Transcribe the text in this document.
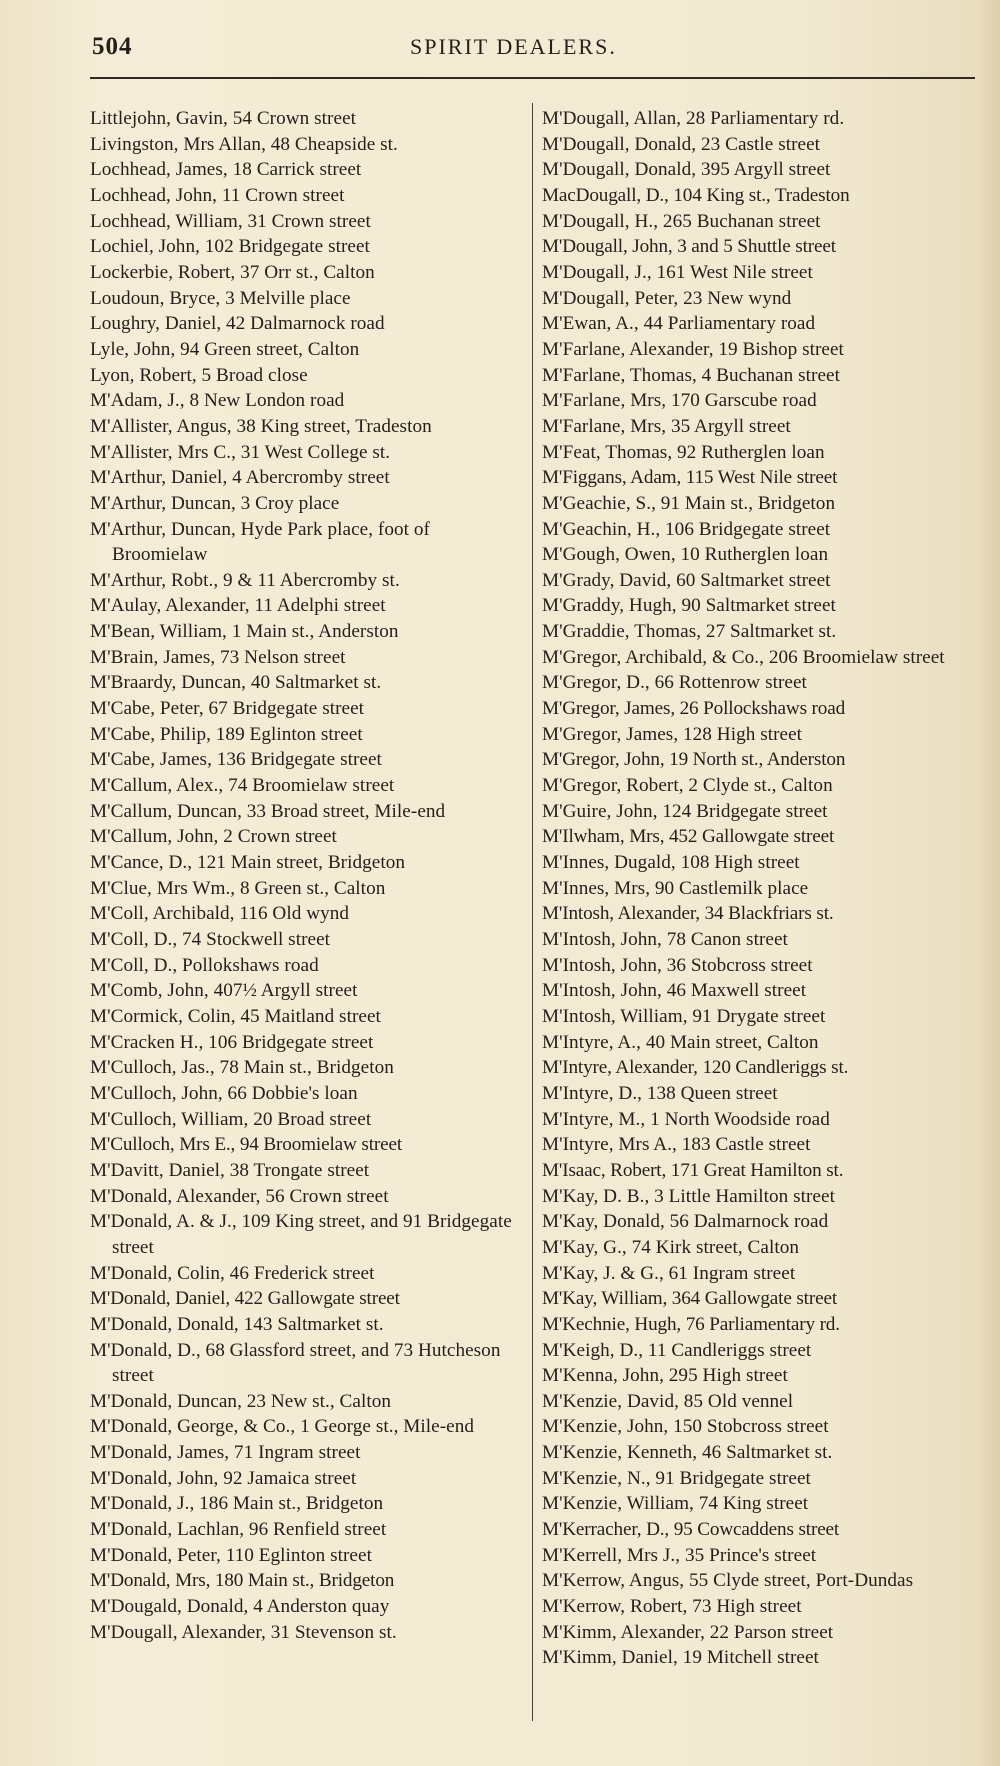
504	SPIRIT DEALERS.

Littlejohn, Gavin, 54 Crown street

Livingston, Mrs Allan, 48 Cheapside st.

Lochhead, James, 18 Carrick street

Lochhead, John, 11 Crown street

Lochhead, William, 31 Crown street

Lochiel, John, 102 Bridgegate street

Lockerbie, Robert, 37 Orr st., Calton

Loudoun, Bryce, 3 Melville place

Loughry, Daniel, 42 Dalmarnock road

Lyle, John, 94 Green street, Calton

Lyon, Robert, 5 Broad close

M'Adam, J., 8 New London road

M'Allister, Angus, 38 King street, Tradeston

M'Allister, Mrs C., 31 West College st.

M'Arthur, Daniel, 4 Abercromby street

M'Arthur, Duncan, 3 Croy place

M'Arthur, Duncan, Hyde Park place, foot of Broomielaw

M'Arthur, Robt., 9 & 11 Abercromby st.

M'Aulay, Alexander, 11 Adelphi street

M'Bean, William, 1 Main st., Anderston

M'Brain, James, 73 Nelson street

M'Braardy, Duncan, 40 Saltmarket st.

M'Cabe, Peter, 67 Bridgegate street

M'Cabe, Philip, 189 Eglinton street

M'Cabe, James, 136 Bridgegate street

M'Callum, Alex., 74 Broomielaw street

M'Callum, Duncan, 33 Broad street, Mile-end

M'Callum, John, 2 Crown street

M'Cance, D., 121 Main street, Bridgeton

M'Clue, Mrs Wm., 8 Green st., Calton

M'Coll, Archibald, 116 Old wynd

M'Coll, D., 74 Stockwell street

M'Coll, D., Pollokshaws road

M'Comb, John, 407½ Argyll street

M'Cormick, Colin, 45 Maitland street

M'Cracken H., 106 Bridgegate street

M'Culloch, Jas., 78 Main st., Bridgeton

M'Culloch, John, 66 Dobbie's loan

M'Culloch, William, 20 Broad street

M'Culloch, Mrs E., 94 Broomielaw street

M'Davitt, Daniel, 38 Trongate street

M'Donald, Alexander, 56 Crown street

M'Donald, A. & J., 109 King street, and 91 Bridgegate street

M'Donald, Colin, 46 Frederick street

M'Donald, Daniel, 422 Gallowgate street

M'Donald, Donald, 143 Saltmarket st.

M'Donald, D., 68 Glassford street, and 73 Hutcheson street

M'Donald, Duncan, 23 New st., Calton

M'Donald, George, & Co., 1 George st., Mile-end

M'Donald, James, 71 Ingram street

M'Donald, John, 92 Jamaica street

M'Donald, J., 186 Main st., Bridgeton

M'Donald, Lachlan, 96 Renfield street

M'Donald, Peter, 110 Eglinton street

M'Donald, Mrs, 180 Main st., Bridgeton

M'Dougald, Donald, 4 Anderston quay

M'Dougall, Alexander, 31 Stevenson st.

M'Dougall, Allan, 28 Parliamentary rd.

M'Dougall, Donald, 23 Castle street

M'Dougall, Donald, 395 Argyll street

MacDougall, D., 104 King st., Tradeston

M'Dougall, H., 265 Buchanan street

M'Dougall, John, 3 and 5 Shuttle street

M'Dougall, J., 161 West Nile street

M'Dougall, Peter, 23 New wynd

M'Ewan, A., 44 Parliamentary road

M'Farlane, Alexander, 19 Bishop street

M'Farlane, Thomas, 4 Buchanan street

M'Farlane, Mrs, 170 Garscube road

M'Farlane, Mrs, 35 Argyll street

M'Feat, Thomas, 92 Rutherglen loan

M'Figgans, Adam, 115 West Nile street

M'Geachie, S., 91 Main st., Bridgeton

M'Geachin, H., 106 Bridgegate street

M'Gough, Owen, 10 Rutherglen loan

M'Grady, David, 60 Saltmarket street

M'Graddy, Hugh, 90 Saltmarket street

M'Graddie, Thomas, 27 Saltmarket st.

M'Gregor, Archibald, & Co., 206 Broomielaw street

M'Gregor, D., 66 Rottenrow street

M'Gregor, James, 26 Pollockshaws road

M'Gregor, James, 128 High street

M'Gregor, John, 19 North st., Anderston

M'Gregor, Robert, 2 Clyde st., Calton

M'Guire, John, 124 Bridgegate street

M'Ilwham, Mrs, 452 Gallowgate street

M'Innes, Dugald, 108 High street

M'Innes, Mrs, 90 Castlemilk place

M'Intosh, Alexander, 34 Blackfriars st.

M'Intosh, John, 78 Canon street

M'Intosh, John, 36 Stobcross street

M'Intosh, John, 46 Maxwell street

M'Intosh, William, 91 Drygate street

M'Intyre, A., 40 Main street, Calton

M'Intyre, Alexander, 120 Candleriggs st.

M'Intyre, D., 138 Queen street

M'Intyre, M., 1 North Woodside road

M'Intyre, Mrs A., 183 Castle street

M'Isaac, Robert, 171 Great Hamilton st.

M'Kay, D. B., 3 Little Hamilton street

M'Kay, Donald, 56 Dalmarnock road

M'Kay, G., 74 Kirk street, Calton

M'Kay, J. & G., 61 Ingram street

M'Kay, William, 364 Gallowgate street

M'Kechnie, Hugh, 76 Parliamentary rd.

M'Keigh, D., 11 Candleriggs street

M'Kenna, John, 295 High street

M'Kenzie, David, 85 Old vennel

M'Kenzie, John, 150 Stobcross street

M'Kenzie, Kenneth, 46 Saltmarket st.

M'Kenzie, N., 91 Bridgegate street

M'Kenzie, William, 74 King street

M'Kerracher, D., 95 Cowcaddens street

M'Kerrell, Mrs J., 35 Prince's street

M'Kerrow, Angus, 55 Clyde street, Port-Dundas

M'Kerrow, Robert, 73 High street

M'Kimm, Alexander, 22 Parson street

M'Kimm, Daniel, 19 Mitchell street
